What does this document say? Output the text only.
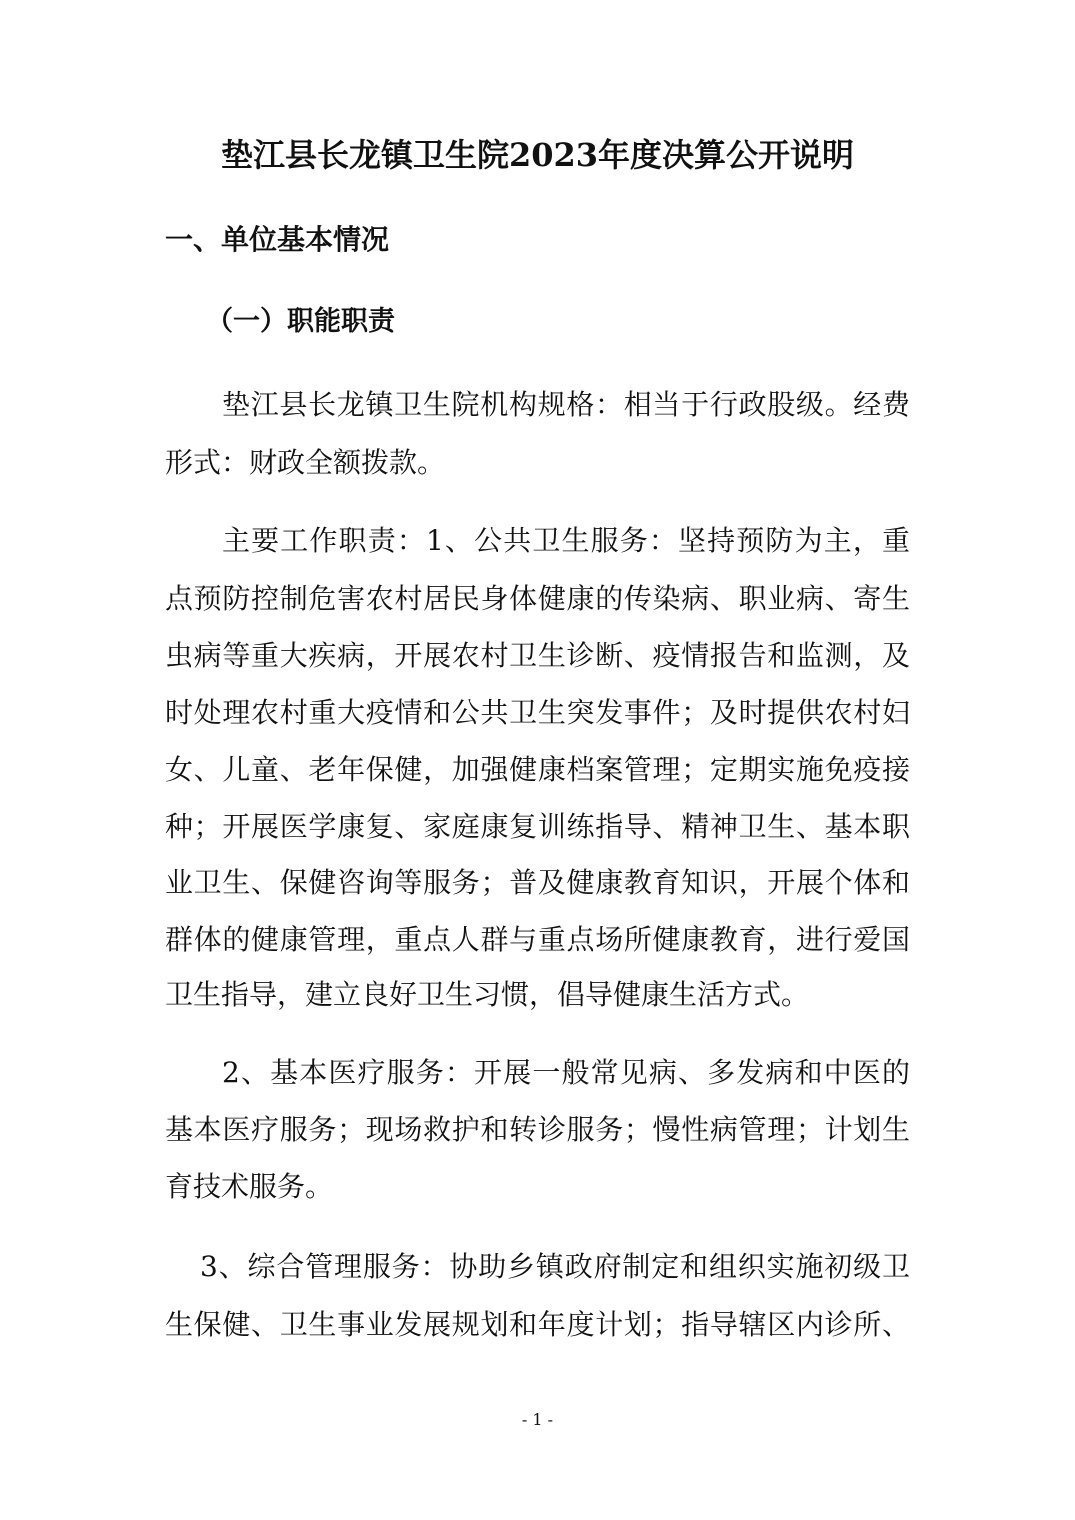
垫江县长龙镇卫生院2023年度决算公开说明
一、单位基本情况
（一）职能职责
垫江县长龙镇卫生院机构规格：相当于行政股级。经费
形式：财政全额拨款。
主要工作职责：1、公共卫生服务：坚持预防为主，重
点预防控制危害农村居民身体健康的传染病、职业病、寄生
虫病等重大疾病，开展农村卫生诊断、疫情报告和监测，及
时处理农村重大疫情和公共卫生突发事件；及时提供农村妇
女、儿童、老年保健，加强健康档案管理；定期实施免疫接
种；开展医学康复、家庭康复训练指导、精神卫生、基本职
业卫生、保健咨询等服务；普及健康教育知识，开展个体和
群体的健康管理，重点人群与重点场所健康教育，进行爱国
卫生指导，建立良好卫生习惯，倡导健康生活方式。
2、基本医疗服务：开展一般常见病、多发病和中医的
基本医疗服务；现场救护和转诊服务；慢性病管理；计划生
育技术服务。
3、综合管理服务：协助乡镇政府制定和组织实施初级卫
生保健、卫生事业发展规划和年度计划；指导辖区内诊所、
- 1 -
